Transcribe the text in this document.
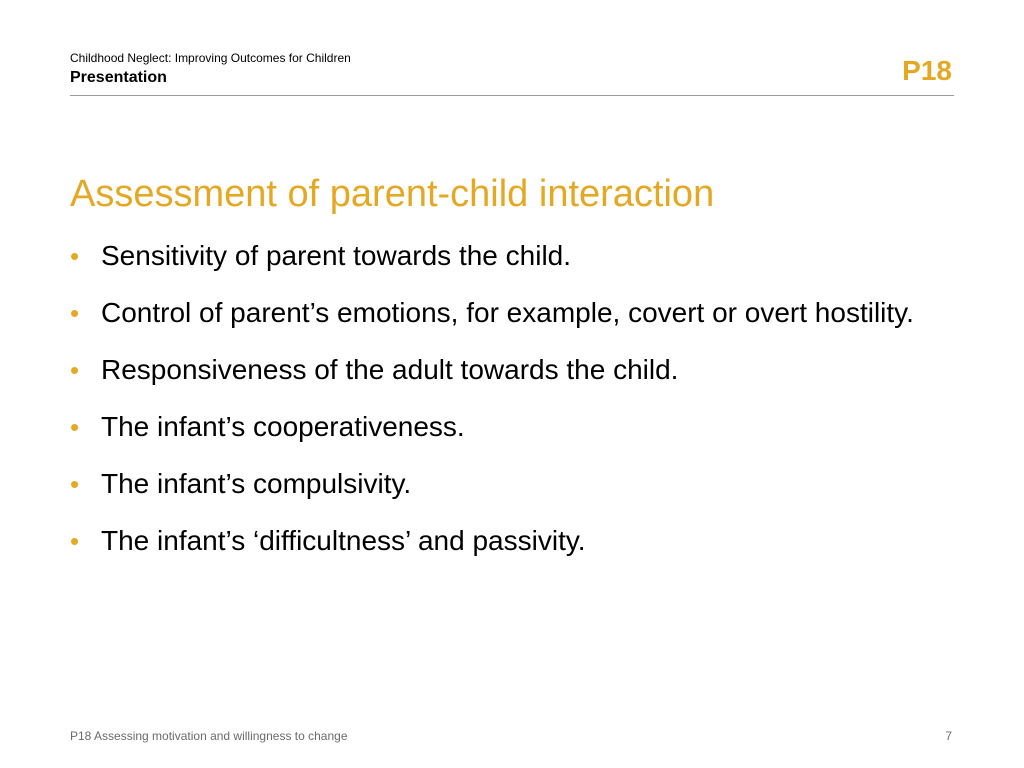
Childhood Neglect: Improving Outcomes for Children
Presentation	P18
Assessment of parent-child interaction
• Sensitivity of parent towards the child.
• Control of parent’s emotions, for example, covert or overt hostility.
• Responsiveness of the adult towards the child.
• The infant’s cooperativeness.
• The infant’s compulsivity.
• The infant’s ‘difficultness’ and passivity.
P18 Assessing motivation and willingness to change	7
